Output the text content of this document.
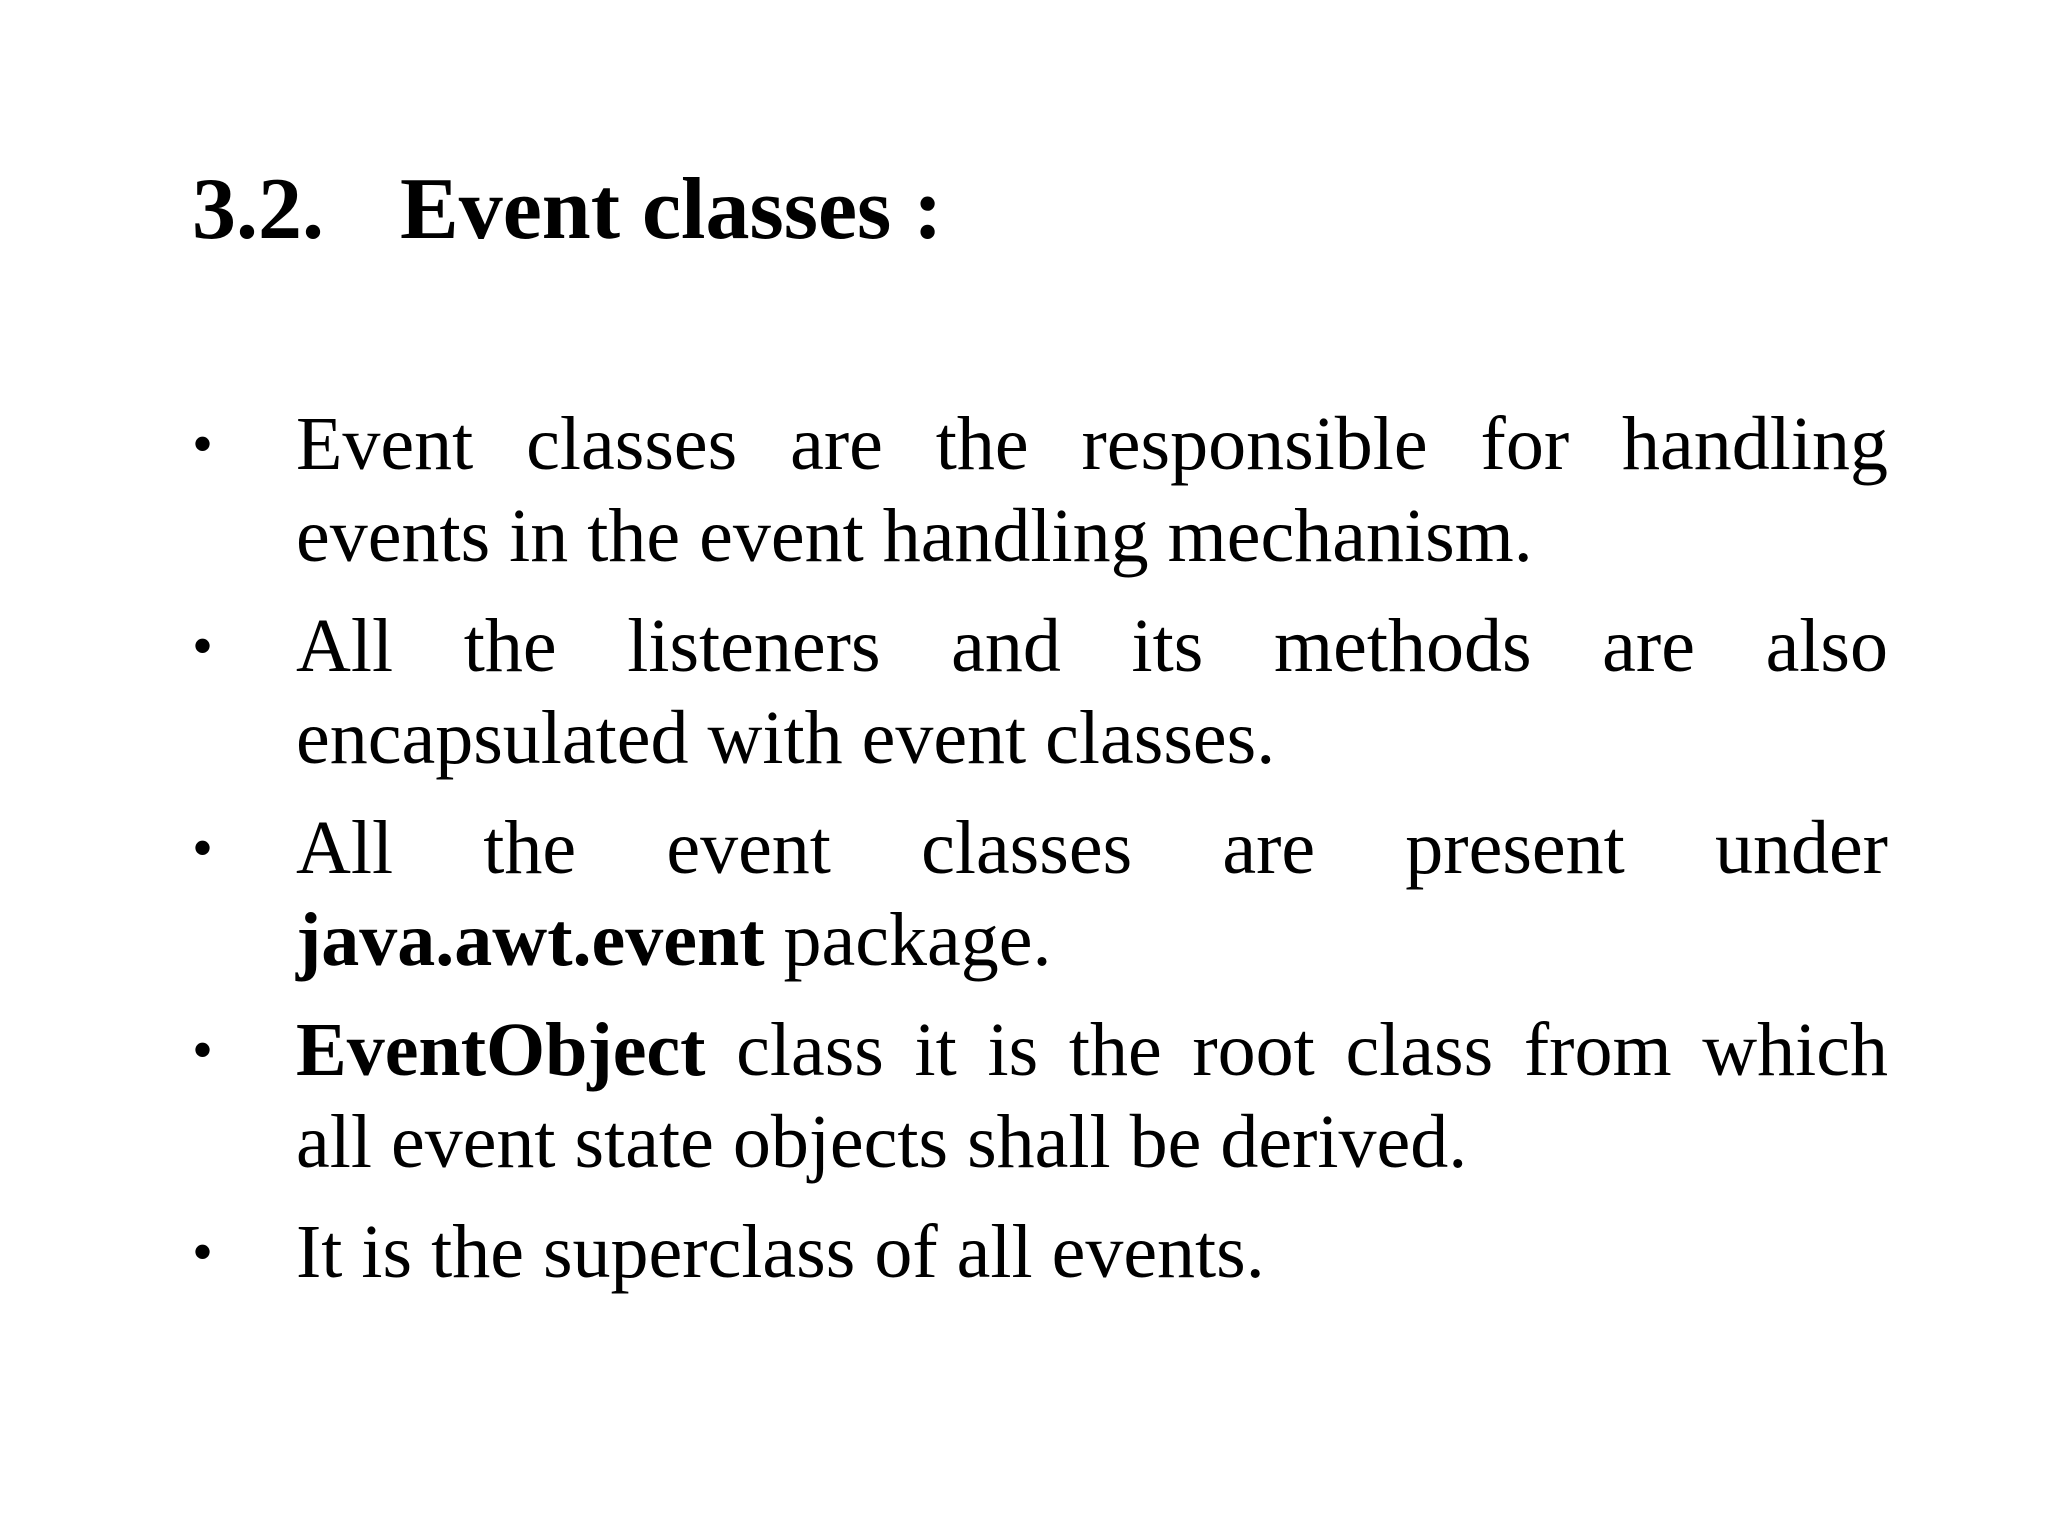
3.2. Event classes :
• Event classes are the responsible for handling events in the event handling mechanism.
• All the listeners and its methods are also encapsulated with event classes.
• All the event classes are present under java.awt.event package.
• EventObject class it is the root class from which all event state objects shall be derived.
• It is the superclass of all events.
